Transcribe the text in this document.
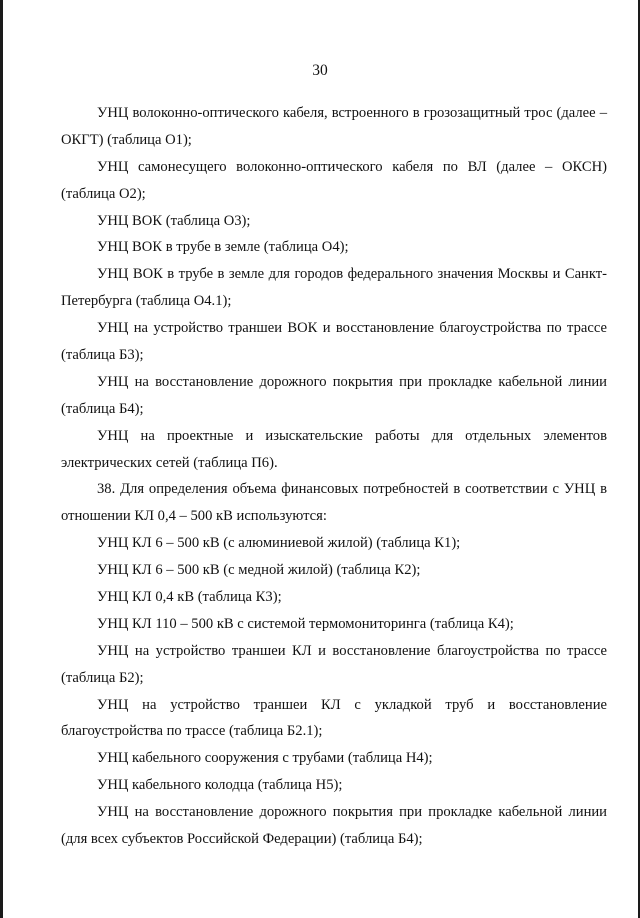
30
УНЦ волоконно-оптического кабеля, встроенного в грозозащитный трос (далее –
ОКГТ) (таблица О1);
УНЦ самонесущего волоконно-оптического кабеля по ВЛ (далее – ОКСН)
(таблица О2);
УНЦ ВОК (таблица О3);
УНЦ ВОК в трубе в земле (таблица О4);
УНЦ ВОК в трубе в земле для городов федерального значения Москвы и Санкт-
Петербурга (таблица О4.1);
УНЦ на устройство траншеи ВОК и восстановление благоустройства по трассе
(таблица Б3);
УНЦ на восстановление дорожного покрытия при прокладке кабельной линии
(таблица Б4);
УНЦ на проектные и изыскательские работы для отдельных элементов
электрических сетей (таблица П6).
38. Для определения объема финансовых потребностей в соответствии с УНЦ в
отношении КЛ 0,4 – 500 кВ используются:
УНЦ КЛ 6 – 500 кВ (с алюминиевой жилой) (таблица К1);
УНЦ КЛ 6 – 500 кВ (с медной жилой) (таблица К2);
УНЦ КЛ 0,4 кВ (таблица К3);
УНЦ КЛ 110 – 500 кВ с системой термомониторинга (таблица К4);
УНЦ на устройство траншеи КЛ и восстановление благоустройства по трассе
(таблица Б2);
УНЦ на устройство траншеи КЛ с укладкой труб и восстановление
благоустройства по трассе (таблица Б2.1);
УНЦ кабельного сооружения с трубами (таблица Н4);
УНЦ кабельного колодца (таблица Н5);
УНЦ на восстановление дорожного покрытия при прокладке кабельной линии
(для всех субъектов Российской Федерации) (таблица Б4);
